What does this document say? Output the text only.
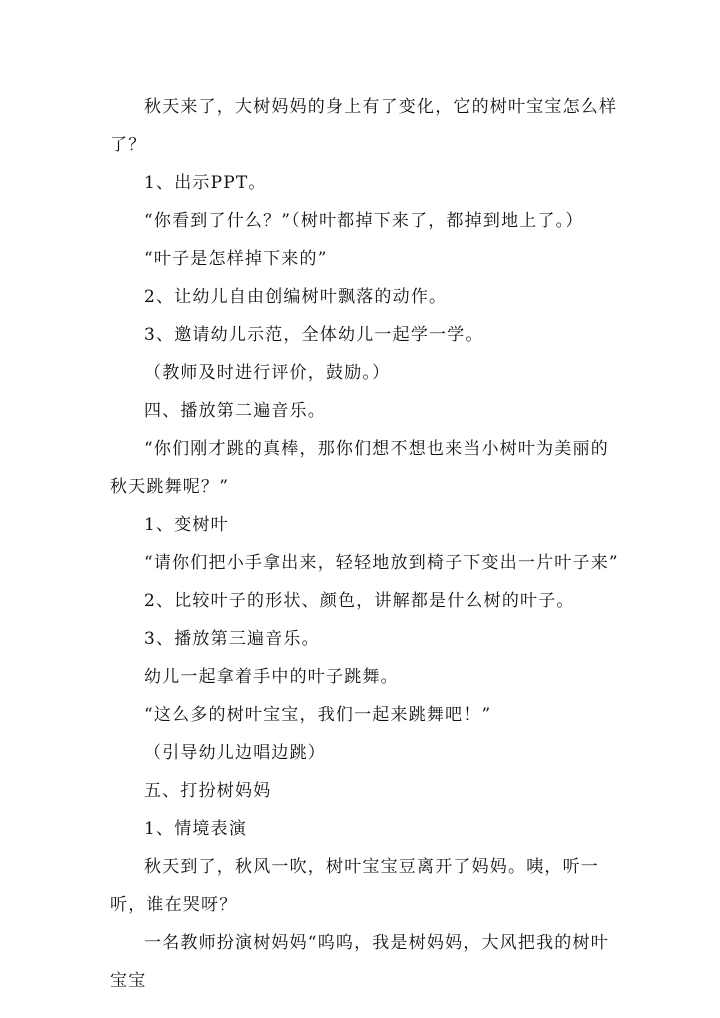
秋天来了，大树妈妈的身上有了变化，它的树叶宝宝怎么样了？

1、出示PPT。

“你看到了什么？”（树叶都掉下来了，都掉到地上了。）

“叶子是怎样掉下来的”

2、让幼儿自由创编树叶飘落的动作。

3、邀请幼儿示范，全体幼儿一起学一学。

（教师及时进行评价，鼓励。）

四、播放第二遍音乐。

“你们刚才跳的真棒，那你们想不想也来当小树叶为美丽的秋天跳舞呢？”

1、变树叶

“请你们把小手拿出来，轻轻地放到椅子下变出一片叶子来”

2、比较叶子的形状、颜色，讲解都是什么树的叶子。

3、播放第三遍音乐。

幼儿一起拿着手中的叶子跳舞。

“这么多的树叶宝宝，我们一起来跳舞吧！”

（引导幼儿边唱边跳）

五、打扮树妈妈

1、情境表演

秋天到了，秋风一吹，树叶宝宝豆离开了妈妈。咦，听一听，谁在哭呀？

一名教师扮演树妈妈“呜呜，我是树妈妈，大风把我的树叶宝宝
